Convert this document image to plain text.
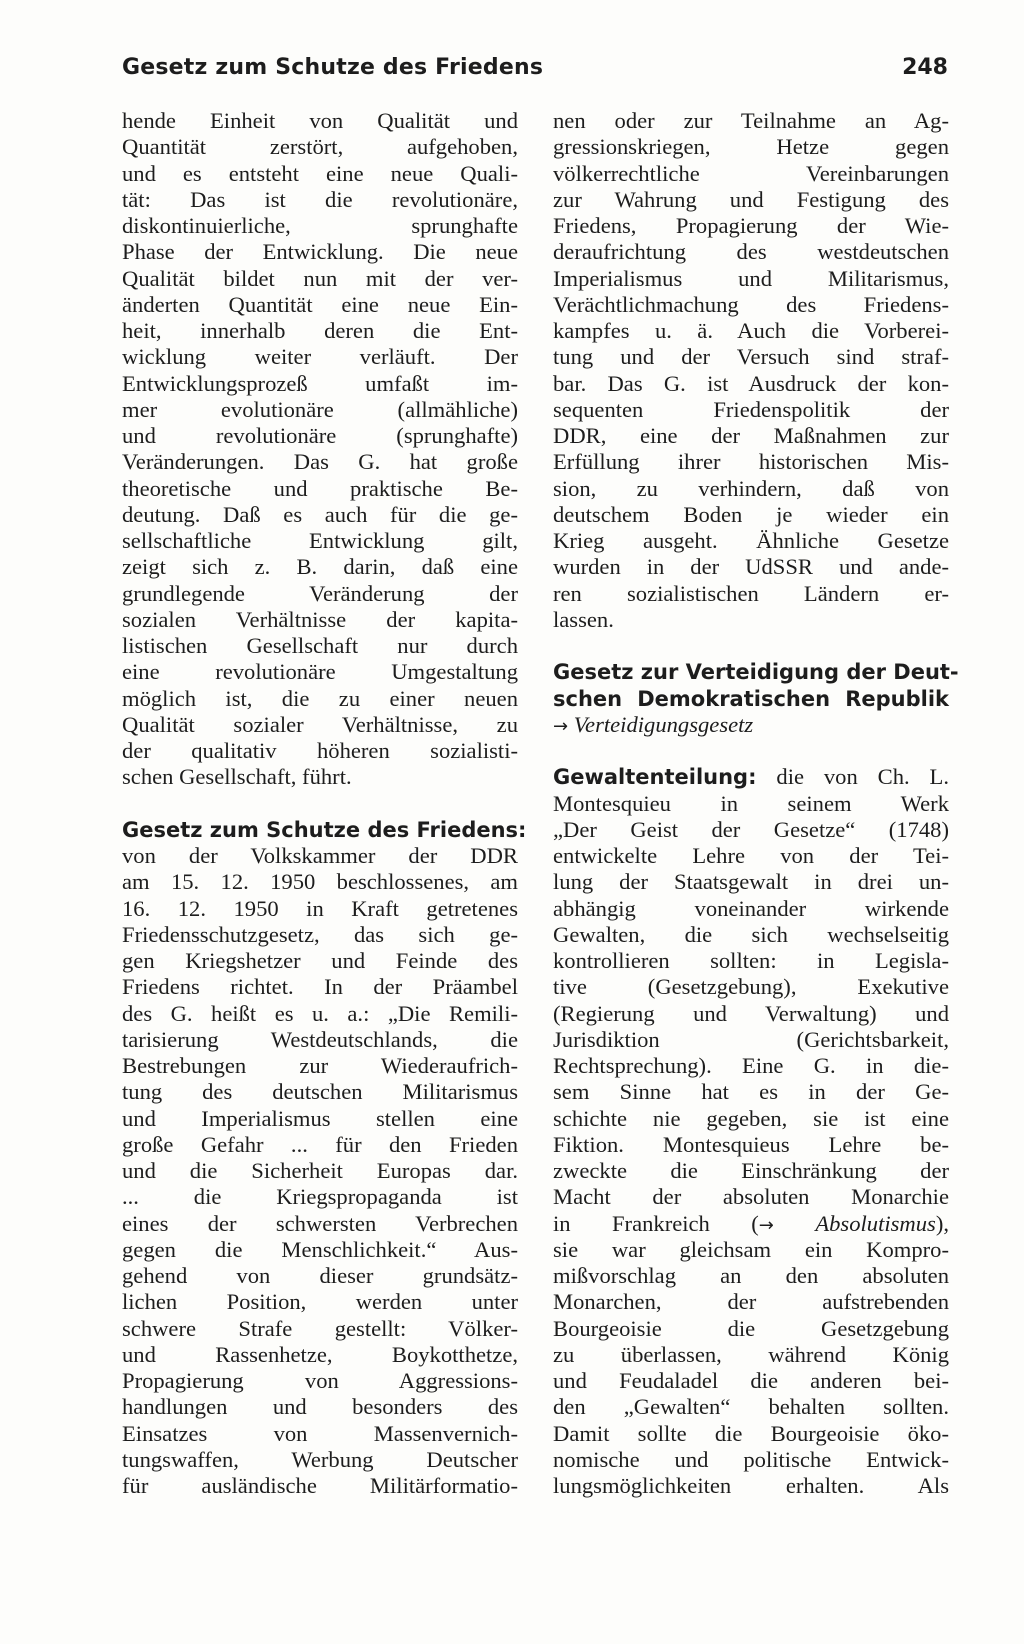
Gesetz zum Schutze des Friedens	248
hende Einheit von Qualität und
Quantität zerstört, aufgehoben,
und es entsteht eine neue Quali-
tät: Das ist die revolutionäre,
diskontinuierliche, sprunghafte
Phase der Entwicklung. Die neue
Qualität bildet nun mit der ver-
änderten Quantität eine neue Ein-
heit, innerhalb deren die Ent-
wicklung weiter verläuft. Der
Entwicklungsprozeß umfaßt im-
mer evolutionäre (allmähliche)
und revolutionäre (sprunghafte)
Veränderungen. Das G. hat große
theoretische und praktische Be-
deutung. Daß es auch für die ge-
sellschaftliche Entwicklung gilt,
zeigt sich z. B. darin, daß eine
grundlegende Veränderung der
sozialen Verhältnisse der kapita-
listischen Gesellschaft nur durch
eine revolutionäre Umgestaltung
möglich ist, die zu einer neuen
Qualität sozialer Verhältnisse, zu
der qualitativ höheren sozialisti-
schen Gesellschaft, führt.
Gesetz zum Schutze des Friedens:
von der Volkskammer der DDR
am 15. 12. 1950 beschlossenes, am
16. 12. 1950 in Kraft getretenes
Friedensschutzgesetz, das sich ge-
gen Kriegshetzer und Feinde des
Friedens richtet. In der Präambel
des G. heißt es u. a.: „Die Remili-
tarisierung Westdeutschlands, die
Bestrebungen zur Wiederaufrich-
tung des deutschen Militarismus
und Imperialismus stellen eine
große Gefahr ... für den Frieden
und die Sicherheit Europas dar.
... die Kriegspropaganda ist
eines der schwersten Verbrechen
gegen die Menschlichkeit.“ Aus-
gehend von dieser grundsätz-
lichen Position, werden unter
schwere Strafe gestellt: Völker-
und Rassenhetze, Boykotthetze,
Propagierung von Aggressions-
handlungen und besonders des
Einsatzes von Massenvernich-
tungswaffen, Werbung Deutscher
für ausländische Militärformatio-
nen oder zur Teilnahme an Ag-
gressionskriegen, Hetze gegen
völkerrechtliche Vereinbarungen
zur Wahrung und Festigung des
Friedens, Propagierung der Wie-
deraufrichtung des westdeutschen
Imperialismus und Militarismus,
Verächtlichmachung des Friedens-
kampfes u. ä. Auch die Vorberei-
tung und der Versuch sind straf-
bar. Das G. ist Ausdruck der kon-
sequenten Friedenspolitik der
DDR, eine der Maßnahmen zur
Erfüllung ihrer historischen Mis-
sion, zu verhindern, daß von
deutschem Boden je wieder ein
Krieg ausgeht. Ähnliche Gesetze
wurden in der UdSSR und ande-
ren sozialistischen Ländern er-
lassen.
Gesetz zur Verteidigung der Deut-
schen Demokratischen Republik
→ Verteidigungsgesetz
Gewaltenteilung: die von Ch. L.
Montesquieu in seinem Werk
„Der Geist der Gesetze“ (1748)
entwickelte Lehre von der Tei-
lung der Staatsgewalt in drei un-
abhängig voneinander wirkende
Gewalten, die sich wechselseitig
kontrollieren sollten: in Legisla-
tive (Gesetzgebung), Exekutive
(Regierung und Verwaltung) und
Jurisdiktion (Gerichtsbarkeit,
Rechtsprechung). Eine G. in die-
sem Sinne hat es in der Ge-
schichte nie gegeben, sie ist eine
Fiktion. Montesquieus Lehre be-
zweckte die Einschränkung der
Macht der absoluten Monarchie
in Frankreich (→ Absolutismus),
sie war gleichsam ein Kompro-
mißvorschlag an den absoluten
Monarchen, der aufstrebenden
Bourgeoisie die Gesetzgebung
zu überlassen, während König
und Feudaladel die anderen bei-
den „Gewalten“ behalten sollten.
Damit sollte die Bourgeoisie öko-
nomische und politische Entwick-
lungsmöglichkeiten erhalten. Als
